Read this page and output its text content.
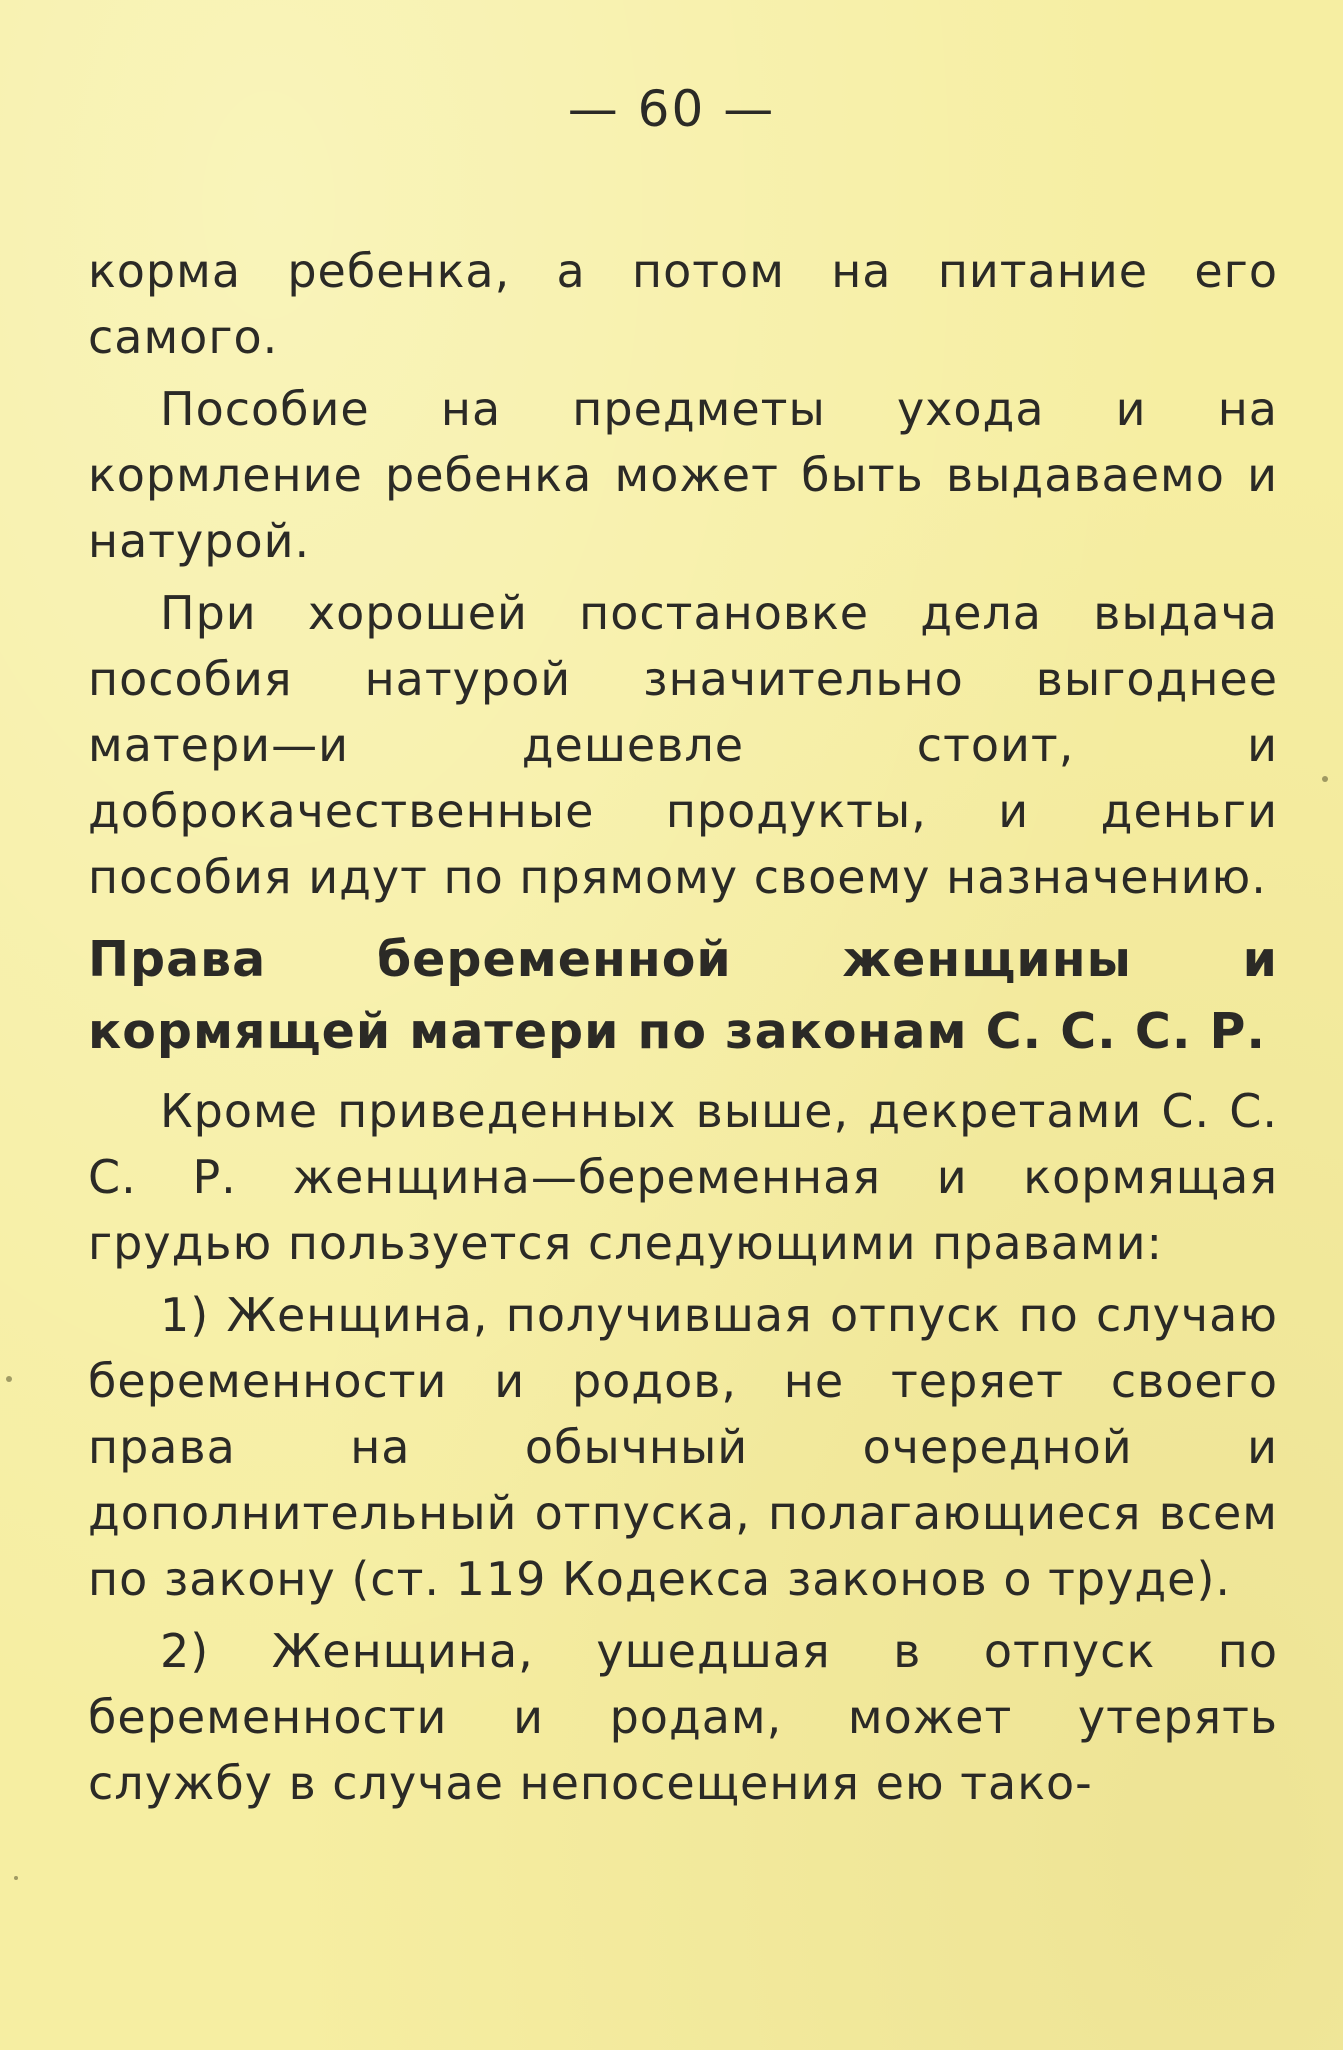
— 60 —

корма ребенка, а потом на питание его самого.

Пособие на предметы ухода и на кормление ребенка может быть выдаваемо и натурой.

При хорошей постановке дела выдача пособия натурой значительно выгоднее матери—и дешевле стоит, и доброкачественные продукты, и деньги пособия идут по прямому своему назначению.

Права беременной женщины и кормящей матери по законам С. С. С. Р.

Кроме приведенных выше, декретами С. С. С. Р. женщина—беременная и кормящая грудью пользуется следующими правами:

1) Женщина, получившая отпуск по случаю беременности и родов, не теряет своего права на обычный очередной и дополнительный отпуска, полагающиеся всем по закону (ст. 119 Кодекса законов о труде).

2) Женщина, ушедшая в отпуск по беременности и родам, может утерять службу в случае непосещения ею тако-
